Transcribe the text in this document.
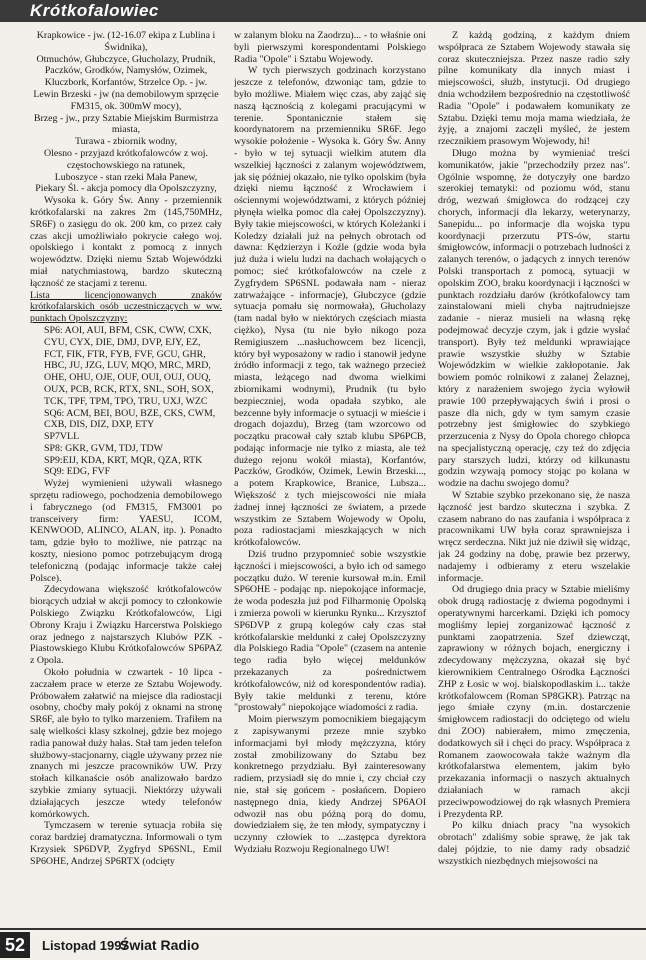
Krótkofalowiec

Krapkowice - jw. (12-16.07 ekipa z Lublina i Świdnika),

Otmuchów, Głubczyce, Głucholazy, Prudnik, Paczków, Grodków, Namysłów, Ozimek, Kluczbork, Korfantów, Strzelce Op. - jw.

Lewin Brzeski - jw (na demobilowym sprzęcie FM315, ok. 300mW mocy),

Brzeg - jw., przy Sztabie Miejskim Burmistrza miasta,

Turawa - zbiornik wodny,

Olesno - przyjazd krótkofalowców z woj. częstochowskiego na ratunek,

Luboszyce - stan rzeki Mała Panew,

Piekary Śl. - akcja pomocy dla Opolszczyzny,

Wysoka k. Góry Św. Anny - przemiennik krótkofalarski na zakres 2m (145,750MHz, SR6F) o zasięgu do ok. 200 km, co przez cały czas akcji umożliwiało pokrycie całego woj. opolskiego i kontakt z pomocą z innych województw. Dzięki niemu Sztab Wojewódzki miał natychmiastową, bardzo skuteczną łączność ze stacjami z terenu.

Lista licencjonowanych znaków krótkofalarskich osób uczestniczących w ww. punktach Opolszczyzny:

SP6: AOI, AUI, BFM, CSK, CWW, CXK, CYU, CYX, DIE, DMJ, DVP, EJY, EZ, FCT, FIK, FTR, FYB, FVF, GCU, GHR, HBC, JU, JZG, LUV, MQO, MRC, MRD, OHE, OHU, OJE, OUF, OUI, OUJ, OUQ, OUX, PCB, RCK, RTX, SNL, SOH, SOX, TCK, TPF, TPM, TPO, TRU, UXJ, WZC

SQ6: ACM, BEI, BOU, BZE, CKS, CWM, CXB, DIS, DIZ, DXP, ETY

SP7VLL

SP8: GKR, GVM, TDJ, TDW

SP9:EIJ, KDA, KRT, MQR, QZA, RTK

SQ9: EDG, FVF

Wyżej wymienieni używali własnego sprzętu radiowego, pochodzenia demobilowego i fabrycznego (od FM315, FM3001 po transceivery firm: YAESU, ICOM, KENWOOD, ALINCO, ALAN, itp. ). Ponadto tam, gdzie było to możliwe, nie patrząc na koszty, niesiono pomoc potrzebującym drogą telefoniczną (podając informacje także całej Polsce).

Zdecydowana większość krótkofalowców biorących udział w akcji pomocy to członkowie Polskiego Związku Krótkofalowców, Ligi Obrony Kraju i Związku Harcerstwa Polskiego oraz jednego z najstarszych Klubów PZK - Piastowskiego Klubu Krótkofalowców SP6PAZ z Opola.

Około południa w czwartek - 10 lipca - zaczałem prace w eterze ze Sztabu Wojewody. Próbowałem załatwić na miejsce dla radiostacji osobny, choćby mały pokój z oknami na stronę SR6F, ale było to tylko marzeniem. Trafiłem na salę wielkości klasy szkolnej, gdzie bez mojego radia panował duży hałas. Stał tam jeden telefon służbowy-stacjonarny, ciągle używany przez nie znanych mi jeszcze pracowników UW. Przy stołach kilkanaście osób analizowało bardzo szybkie zmiany sytuacji. Niektórzy używali działających jeszcze wtedy telefonów komórkowych.

Tymczasem w terenie sytuacja robiła się coraz bardziej dramatyczna. Informowali o tym Krzysiek SP6DVP, Zygfryd SP6SNL, Emil SP6OHE, Andrzej SP6RTX (odcięty

w zalanym bloku na Zaodrzu)... - to właśnie oni byli pierwszymi korespondentami Polskiego Radia "Opole" i Sztabu Wojewody.

W tych pierwszych godzinach korzystano jeszcze z telefonów, dzwoniąc tam, gdzie to było możliwe. Miałem więc czas, aby zająć się naszą łącznością z kolegami pracującymi w terenie. Spontanicznie stałem się koordynatorem na przemienniku SR6F. Jego wysokie położenie - Wysoka k. Góry Św. Anny - było w tej sytuacji wielkim atutem dla wszelkiej łączności z zalanym województwem, jak się później okazało, nie tylko opolskim (była dzięki niemu łączność z Wrocławiem i ościennymi województwami, z których później płynęła wielka pomoc dla całej Opolszczyzny). Były takie miejscowości, w których Koleżanki i Koledzy działali już na pełnych obrotach od dawna: Kędzierzyn i Koźle (gdzie woda była już duża i wielu ludzi na dachach wołających o pomoc; sieć krótkofalowców na czele z Zygfrydem SP6SNL podawała nam - nieraz zatrważające - informacje), Głubczyce (gdzie sytuacja pomału się normowała), Głucholazy (tam nadal było w niektórych częściach miasta ciężko), Nysa (tu nie było nikogo poza Remigiuszem ...nasłuchowcem bez licencji, który był wyposażony w radio i stanowił jedyne źródło informacji z tego, tak ważnego przecież miasta, leżącego nad dwoma wielkimi zbiornikami wodnymi), Prudnik (tu było bezpieczniej, woda opadała szybko, ale bezcenne były informacje o sytuacji w mieście i drogach dojazdu), Brzeg (tam wzorcowo od początku pracował cały sztab klubu SP6PCB, podając informacje nie tylko z miasta, ale też dużego rejonu wokół miasta), Korfantów, Paczków, Grodków, Ozimek, Lewin Brzeski..., a potem Krapkowice, Branice, Lubsza... Większość z tych miejscowości nie miała żadnej innej łączności ze światem, a przede wszystkim ze Sztabem Wojewody w Opolu, poza radiostacjami mieszkających w nich krótkofalowców.

Dziś trudno przypomnieć sobie wszystkie łączności i miejscowości, a było ich od samego początku dużo. W terenie kursował m.in. Emil SP6OHE - podając np. niepokojące informacje, że woda podeszła już pod Filharmonię Opolską i zmierza powoli w kierunku Rynku... Krzysztof SP6DVP z grupą kolegów cały czas stał krótkofalarskie meldunki z całej Opolszczyzny dla Polskiego Radia "Opole" (czasem na antenie tego radia było więcej meldunków przekazanych za pośrednictwem krótkofalowców, niż od korespondentów radia). Były takie meldunki z terenu, które "prostowały" niepokojące wiadomości z radia.

Moim pierwszym pomocnikiem biegającym z zapisywanymi przeze mnie szybko informacjami był młody mężczyzna, który został zmobilizowany do Sztabu bez konkretnego przydziału. Był zainteresowany radiem, przysiadł się do mnie i, czy chciał czy nie, stał się gońcem - posłańcem. Dopiero następnego dnia, kiedy Andrzej SP6AOI odwoził nas obu późną porą do domu, dowiedziałem się, że ten młody, sympatyczny i uczynny człowiek to ...zastępca dyrektora Wydziału Rozwoju Regionalnego UW!

Z każdą godziną, z każdym dniem współpraca ze Sztabem Wojewody stawała się coraz skuteczniejsza. Przez nasze radio szły pilne komunikaty dla innych miast i miejscowości, służb, instytucji. Od drugiego dnia wchodziłem bezpośrednio na częstotliwość Radia "Opole" i podawałem komunikaty ze Sztabu. Dzięki temu moja mama wiedziała, że żyję, a znajomi zaczęli myśleć, że jestem rzecznikiem prasowym Wojewody, hi!

Długo można by wymieniać treści komunikatów, jakie "przechodziły przez nas". Ogólnie wspomnę, że dotyczyły one bardzo szerokiej tematyki: od poziomu wód, stanu dróg, wezwań śmigłowca do rodzącej czy chorych, informacji dla lekarzy, weterynarzy, Sanepidu... po informacje dla wojska typu koordynacji przerzutu PTS-ów, startu śmigłowców, informacji o potrzebach ludności z zalanych terenów, o jadących z innych terenów Polski transportach z pomocą, sytuacji w opolskim ZOO, braku koordynacji i łączności w punktach rozdziału darów (krótkofalowcy tam zainstalowani mieli chyba najtrudniejsze zadanie - nieraz musieli na własną rękę podejmować decyzje czym, jak i gdzie wysłać transport). Były też meldunki wprawiające prawie wszystkie służby w Sztabie Wojewódzkim w wielkie zakłopotanie. Jak bowiem pomóc rolnikowi z zalanej Żelaznej, który z narażeniem swojego życia wyłowił prawie 100 przepływających świń i prosi o pasze dla nich, gdy w tym samym czasie potrzebny jest śmigłowiec do szybkiego przerzucenia z Nysy do Opola chorego chłopca na specjalistyczną operację, czy też do zdjęcia pary starszych ludzi, którzy od kilkunastu godzin wzywają pomocy stojąc po kolana w wodzie na dachu swojego domu?

W Sztabie szybko przekonano się, że nasza łączność jest bardzo skuteczna i szybka. Z czasem nabrano do nas zaufania i współpraca z pracownikami UW była coraz sprawniejsza i wręcz serdeczna. Nikt już nie dziwił się widząc, jak 24 godziny na dobę, prawie bez przerwy, nadajemy i odbieramy z eteru wszelakie informacje.

Od drugiego dnia pracy w Sztabie mieliśmy obok drugą radiostację z dwiema pogodnymi i operatywnymi harcerkami. Dzięki ich pomocy mogliśmy lepiej zorganizować łączność z punktami zaopatrzenia. Szef dziewcząt, zaprawiony w różnych bojach, energiczny i zdecydowany mężczyzna, okazał się być kierownikiem Centralnego Ośrodka Łączności ZHP z Łosic w woj. bialskopodlaskim i... także krótkofalowcem (Roman SP8GKR). Patrząc na jego śmiałe czyny (m.in. dostarczenie śmigłowcem radiostacji do odciętego od wielu dni ZOO) nabierałem, mimo zmęczenia, dodatkowych sił i chęci do pracy. Współpraca z Romanem zaowocowała także ważnym dla krótkofalarstwa elementem, jakim było przekazania informacji o naszych aktualnych działaniach w ramach akcji przeciwpowodziowej do rąk własnych Premiera i Prezydenta RP.

Po kilku dniach pracy "na wysokich obrotach" zdaliśmy sobie sprawę, że jak tak dalej pójdzie, to nie damy rady obsadzić wszystkich niezbędnych miejsowości na

52	Listopad 1997
Świat Radio
